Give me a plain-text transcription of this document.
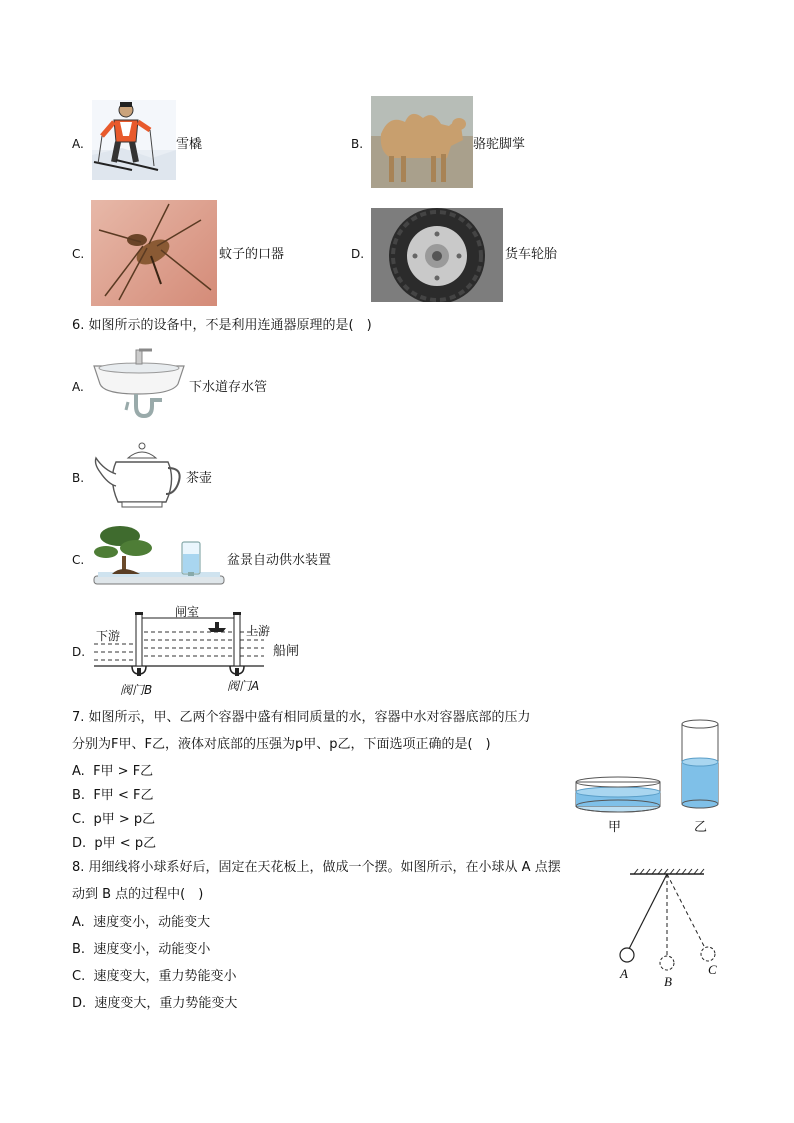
A.	雪橇	B.	骆驼脚掌
C.	蚊子的口器	D.	货车轮胎
6. 如图所示的设备中，不是利用连通器原理的是(　)
A.	下水道存水管
B.	茶壶
C.	盆景自动供水装置
D.
闸室
下游	上游
阀门B	阀门A
船闸
7. 如图所示，甲、乙两个容器中盛有相同质量的水，容器中水对容器底部的压力
分别为F甲、F乙，液体对底部的压强为p甲、p乙，下面选项正确的是(　)
A. F甲 > F乙
B. F甲 < F乙
C. p甲 > p乙
D. p甲 < p乙
甲	乙
8. 用细线将小球系好后，固定在天花板上，做成一个摆。如图所示，在小球从 A 点摆
动到 B 点的过程中(　)
A. 速度变小，动能变大
B. 速度变小，动能变小
C. 速度变大，重力势能变小
D. 速度变大，重力势能变大
A
B
C
